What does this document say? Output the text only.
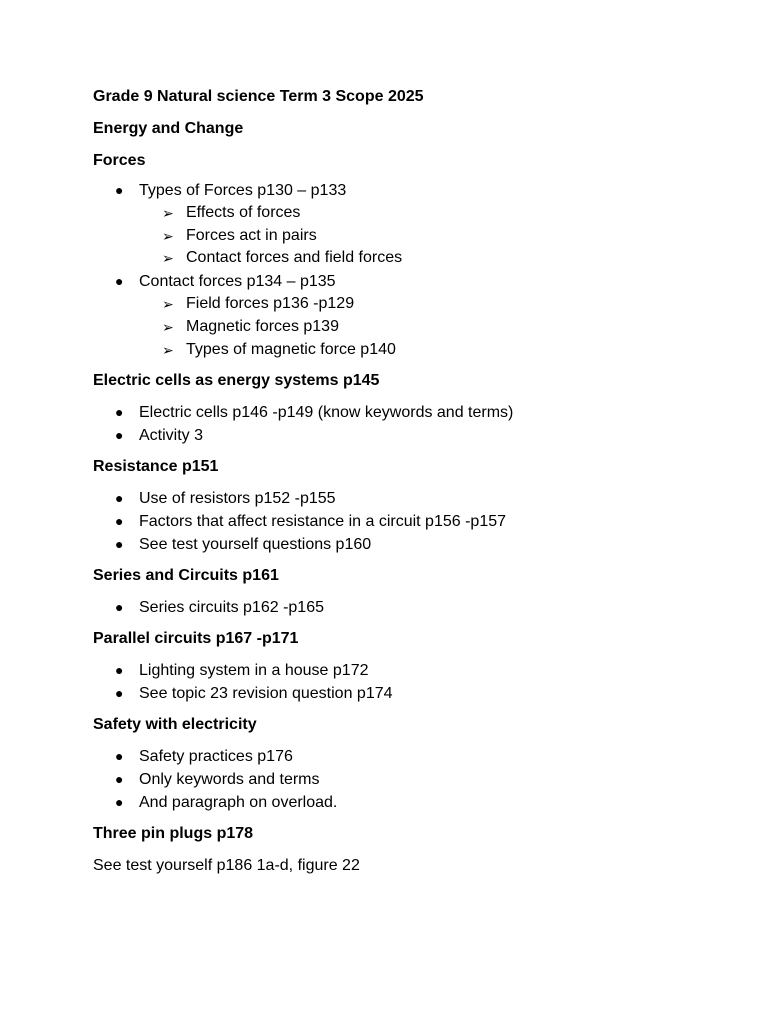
Grade 9 Natural science Term 3 Scope 2025

Energy and Change

Forces

● Types of Forces p130 – p133
➢ Effects of forces
➢ Forces act in pairs
➢ Contact forces and field forces
● Contact forces p134 – p135
➢ Field forces p136 -p129
➢ Magnetic forces p139
➢ Types of magnetic force p140

Electric cells as energy systems p145

● Electric cells p146 -p149 (know keywords and terms)
● Activity 3

Resistance p151

● Use of resistors p152 -p155
● Factors that affect resistance in a circuit p156 -p157
● See test yourself questions p160

Series and Circuits p161

● Series circuits p162 -p165

Parallel circuits p167 -p171

● Lighting system in a house p172
● See topic 23 revision question p174

Safety with electricity

● Safety practices p176
● Only keywords and terms
● And paragraph on overload.

Three pin plugs p178

See test yourself p186 1a-d, figure 22
